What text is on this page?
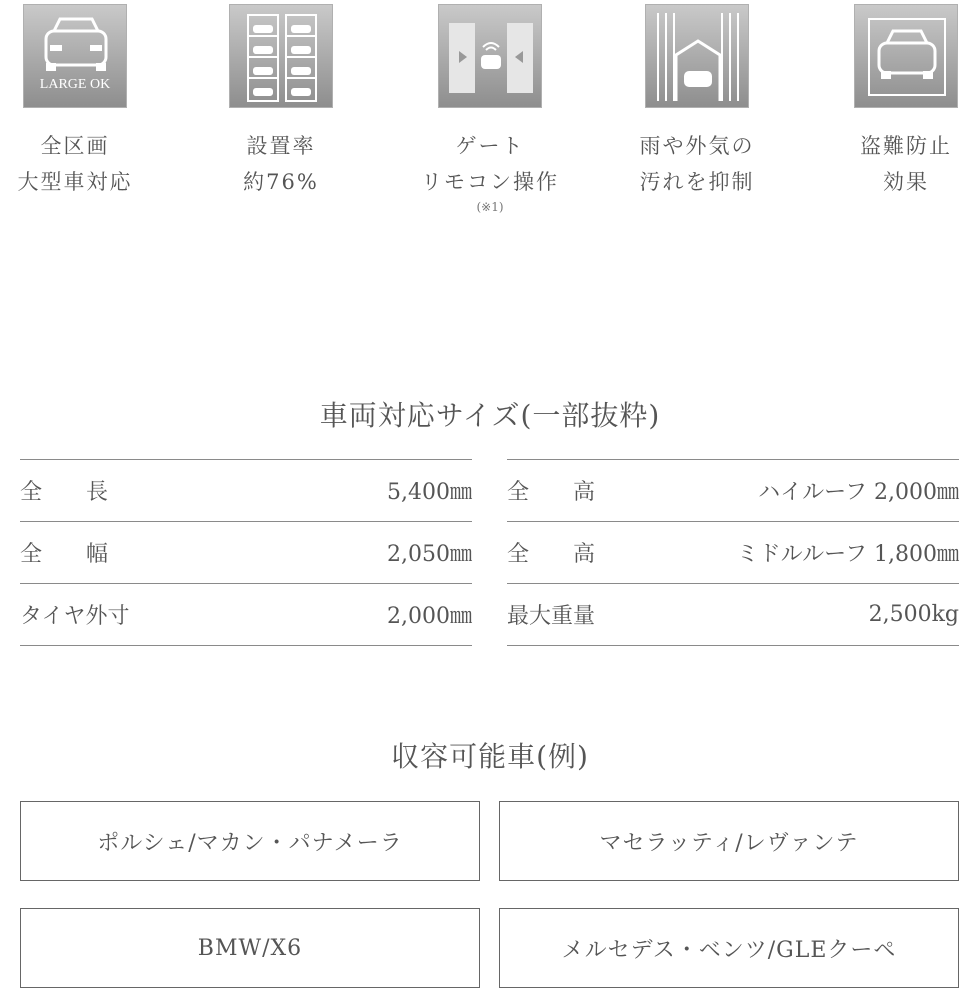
LARGE OK
全区画
大型車対応
設置率
約76%
ゲート
リモコン操作
(※1)
雨や外気の
汚れを抑制
盗難防止
効果
車両対応サイズ(一部抜粋)
全　　長	5,400㎜
全　　幅	2,050㎜
タイヤ外寸	2,000㎜
全　　高	ハイルーフ 2,000㎜
全　　高	ミドルルーフ 1,800㎜
最大重量	2,500kg
収容可能車(例)
ポルシェ/マカン・パナメーラ	マセラッティ/レヴァンテ
BMW/X6	メルセデス・ベンツ/GLEクーペ
